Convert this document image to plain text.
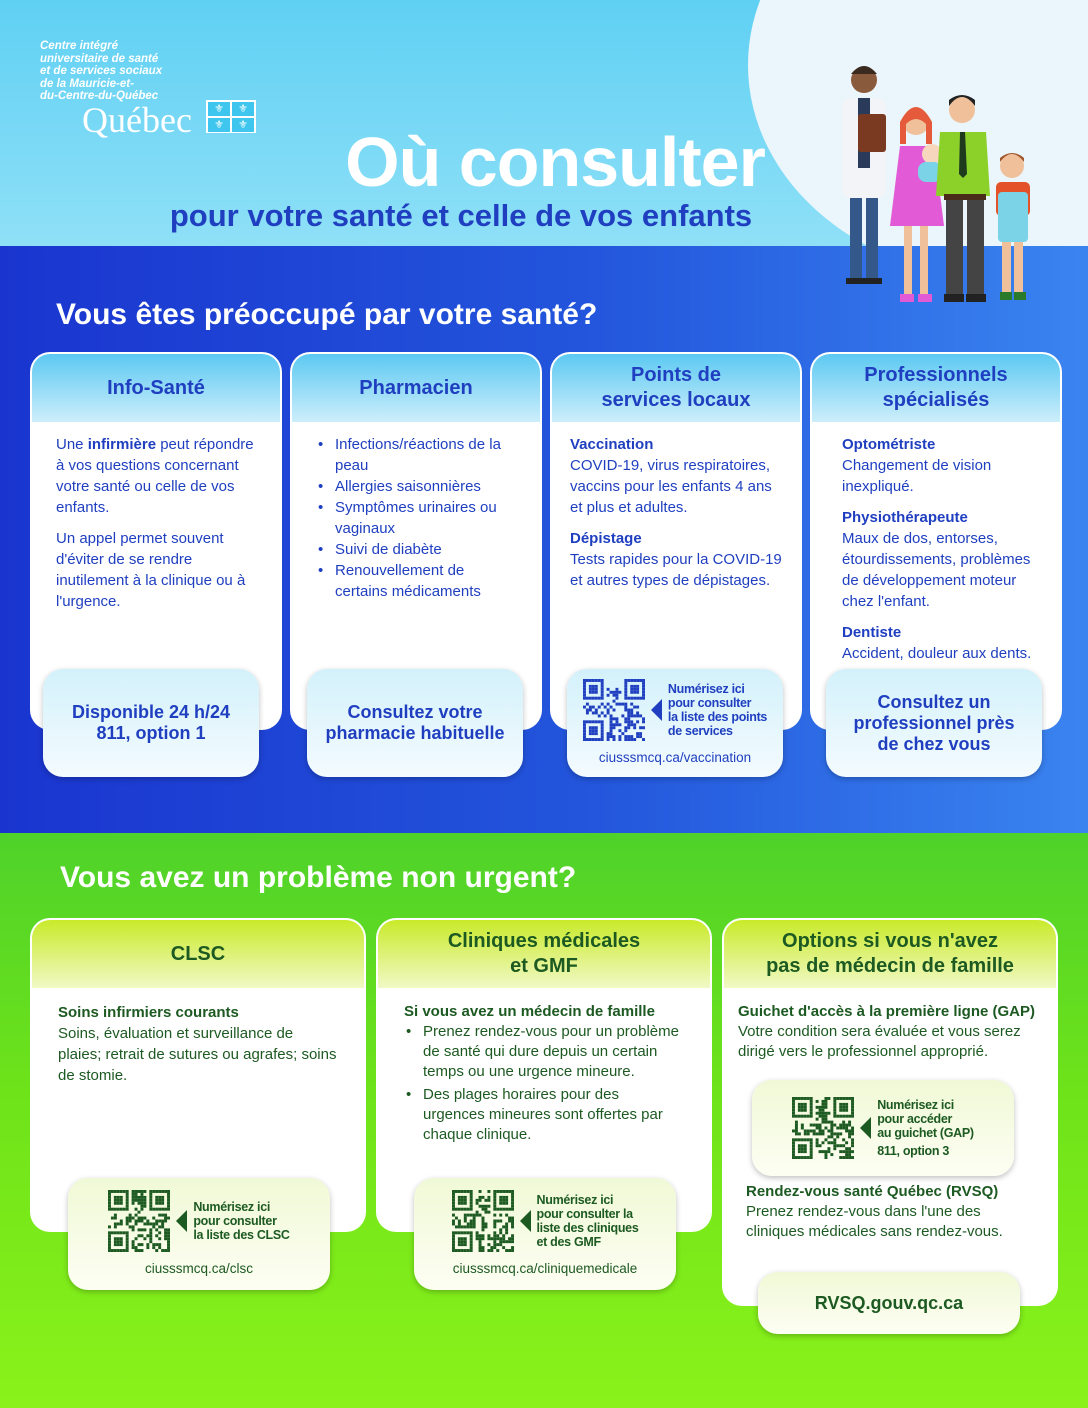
Centre intégré
universitaire de santé
et de services sociaux
de la Mauricie-et-
du-Centre-du-Québec
Québec	⚜	⚜
⚜	⚜ Où consulter
pour votre santé et celle de vos enfants
Vous êtes préoccupé par votre santé?
Info-Santé

Une infirmière peut répondre à vos questions concernant votre santé ou celle de vos enfants.

Un appel permet souvent d'éviter de se rendre inutilement à la clinique ou à l'urgence.

Disponible 24 h/24
811, option 1
Pharmacien
• Infections/réactions de la peau
• Allergies saisonnières
• Symptômes urinaires ou vaginaux
• Suivi de diabète
• Renouvellement de certains médicaments
Consultez votre
pharmacie habituelle
Points de
services locaux
Vaccination

COVID-19, virus respiratoires, vaccins pour les enfants 4 ans et plus et adultes.

Dépistage

Tests rapides pour la COVID-19 et autres types de dépistages.

Numérisez ici
pour consulter
la liste des points
de services
ciusssmcq.ca/vaccination
Professionnels
spécialisés
Optométriste

Changement de vision inexpliqué.

Physiothérapeute

Maux de dos, entorses, étourdissements, problèmes de développement moteur chez l'enfant.

Dentiste

Accident, douleur aux dents.

Consultez un
professionnel près
de chez vous
Vous avez un problème non urgent?
CLSC
Soins infirmiers courants

Soins, évaluation et surveillance de plaies; retrait de sutures ou agrafes; soins de stomie.

Numérisez ici
pour consulter
la liste des CLSC
ciusssmcq.ca/clsc
Cliniques médicales
et GMF
Si vous avez un médecin de famille
• Prenez rendez-vous pour un problème de santé qui dure depuis un certain temps ou une urgence mineure.
• Des plages horaires pour des urgences mineures sont offertes par chaque clinique.
Numérisez ici
pour consulter la
liste des cliniques
et des GMF
ciusssmcq.ca/cliniquemedicale
Options si vous n'avez
pas de médecin de famille
Guichet d'accès à la première ligne (GAP)

Votre condition sera évaluée et vous serez dirigé vers le professionnel approprié.

Rendez-vous santé Québec (RVSQ)

Prenez rendez-vous dans l'une des cliniques médicales sans rendez-vous.

Numérisez ici
pour accéder
au guichet (GAP)
811, option 3
RVSQ.gouv.qc.ca
